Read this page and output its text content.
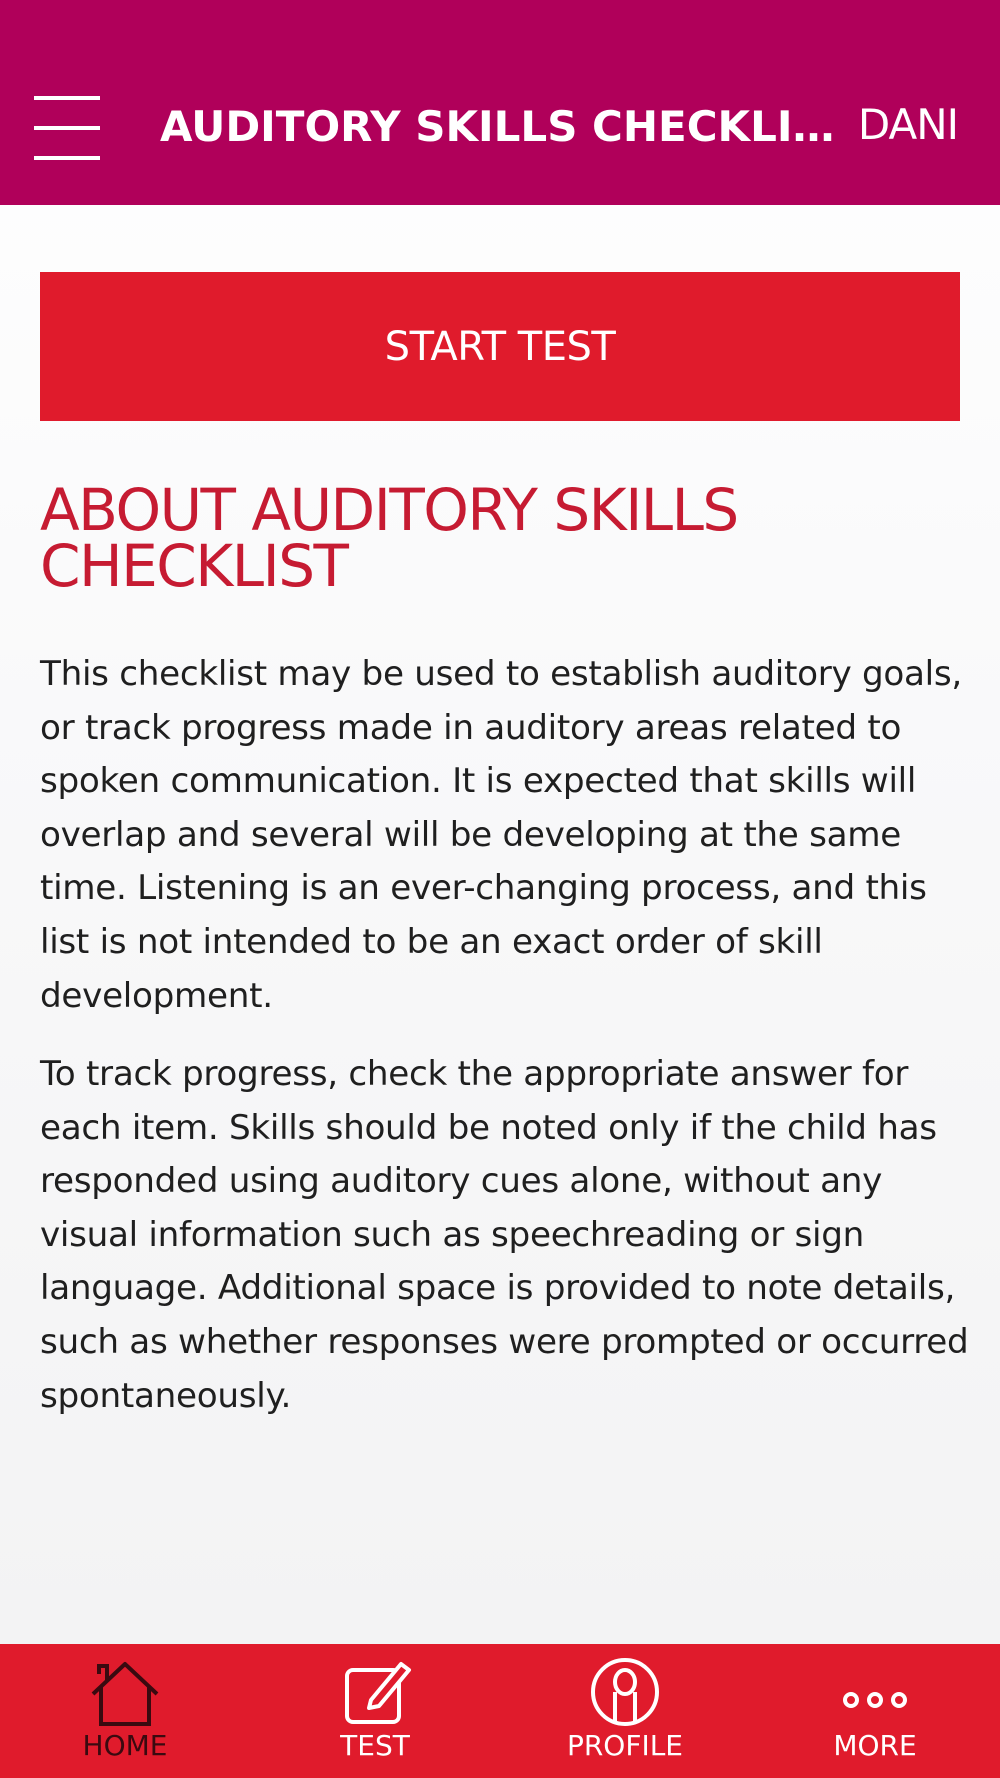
AUDITORY SKILLS CHECKLI… DANI
START TEST
ABOUT AUDITORY SKILLS CHECKLIST

This checklist may be used to establish auditory goals, or track progress made in auditory areas related to spoken communication. It is expected that skills will overlap and several will be developing at the same time. Listening is an ever-changing process, and this list is not intended to be an exact order of skill development.

To track progress, check the appropriate answer for each item. Skills should be noted only if the child has responded using auditory cues alone, without any visual information such as speechreading or sign language. Additional space is provided to note details, such as whether responses were prompted or occurred spontaneously.

HOME	TEST	PROFILE	MORE
